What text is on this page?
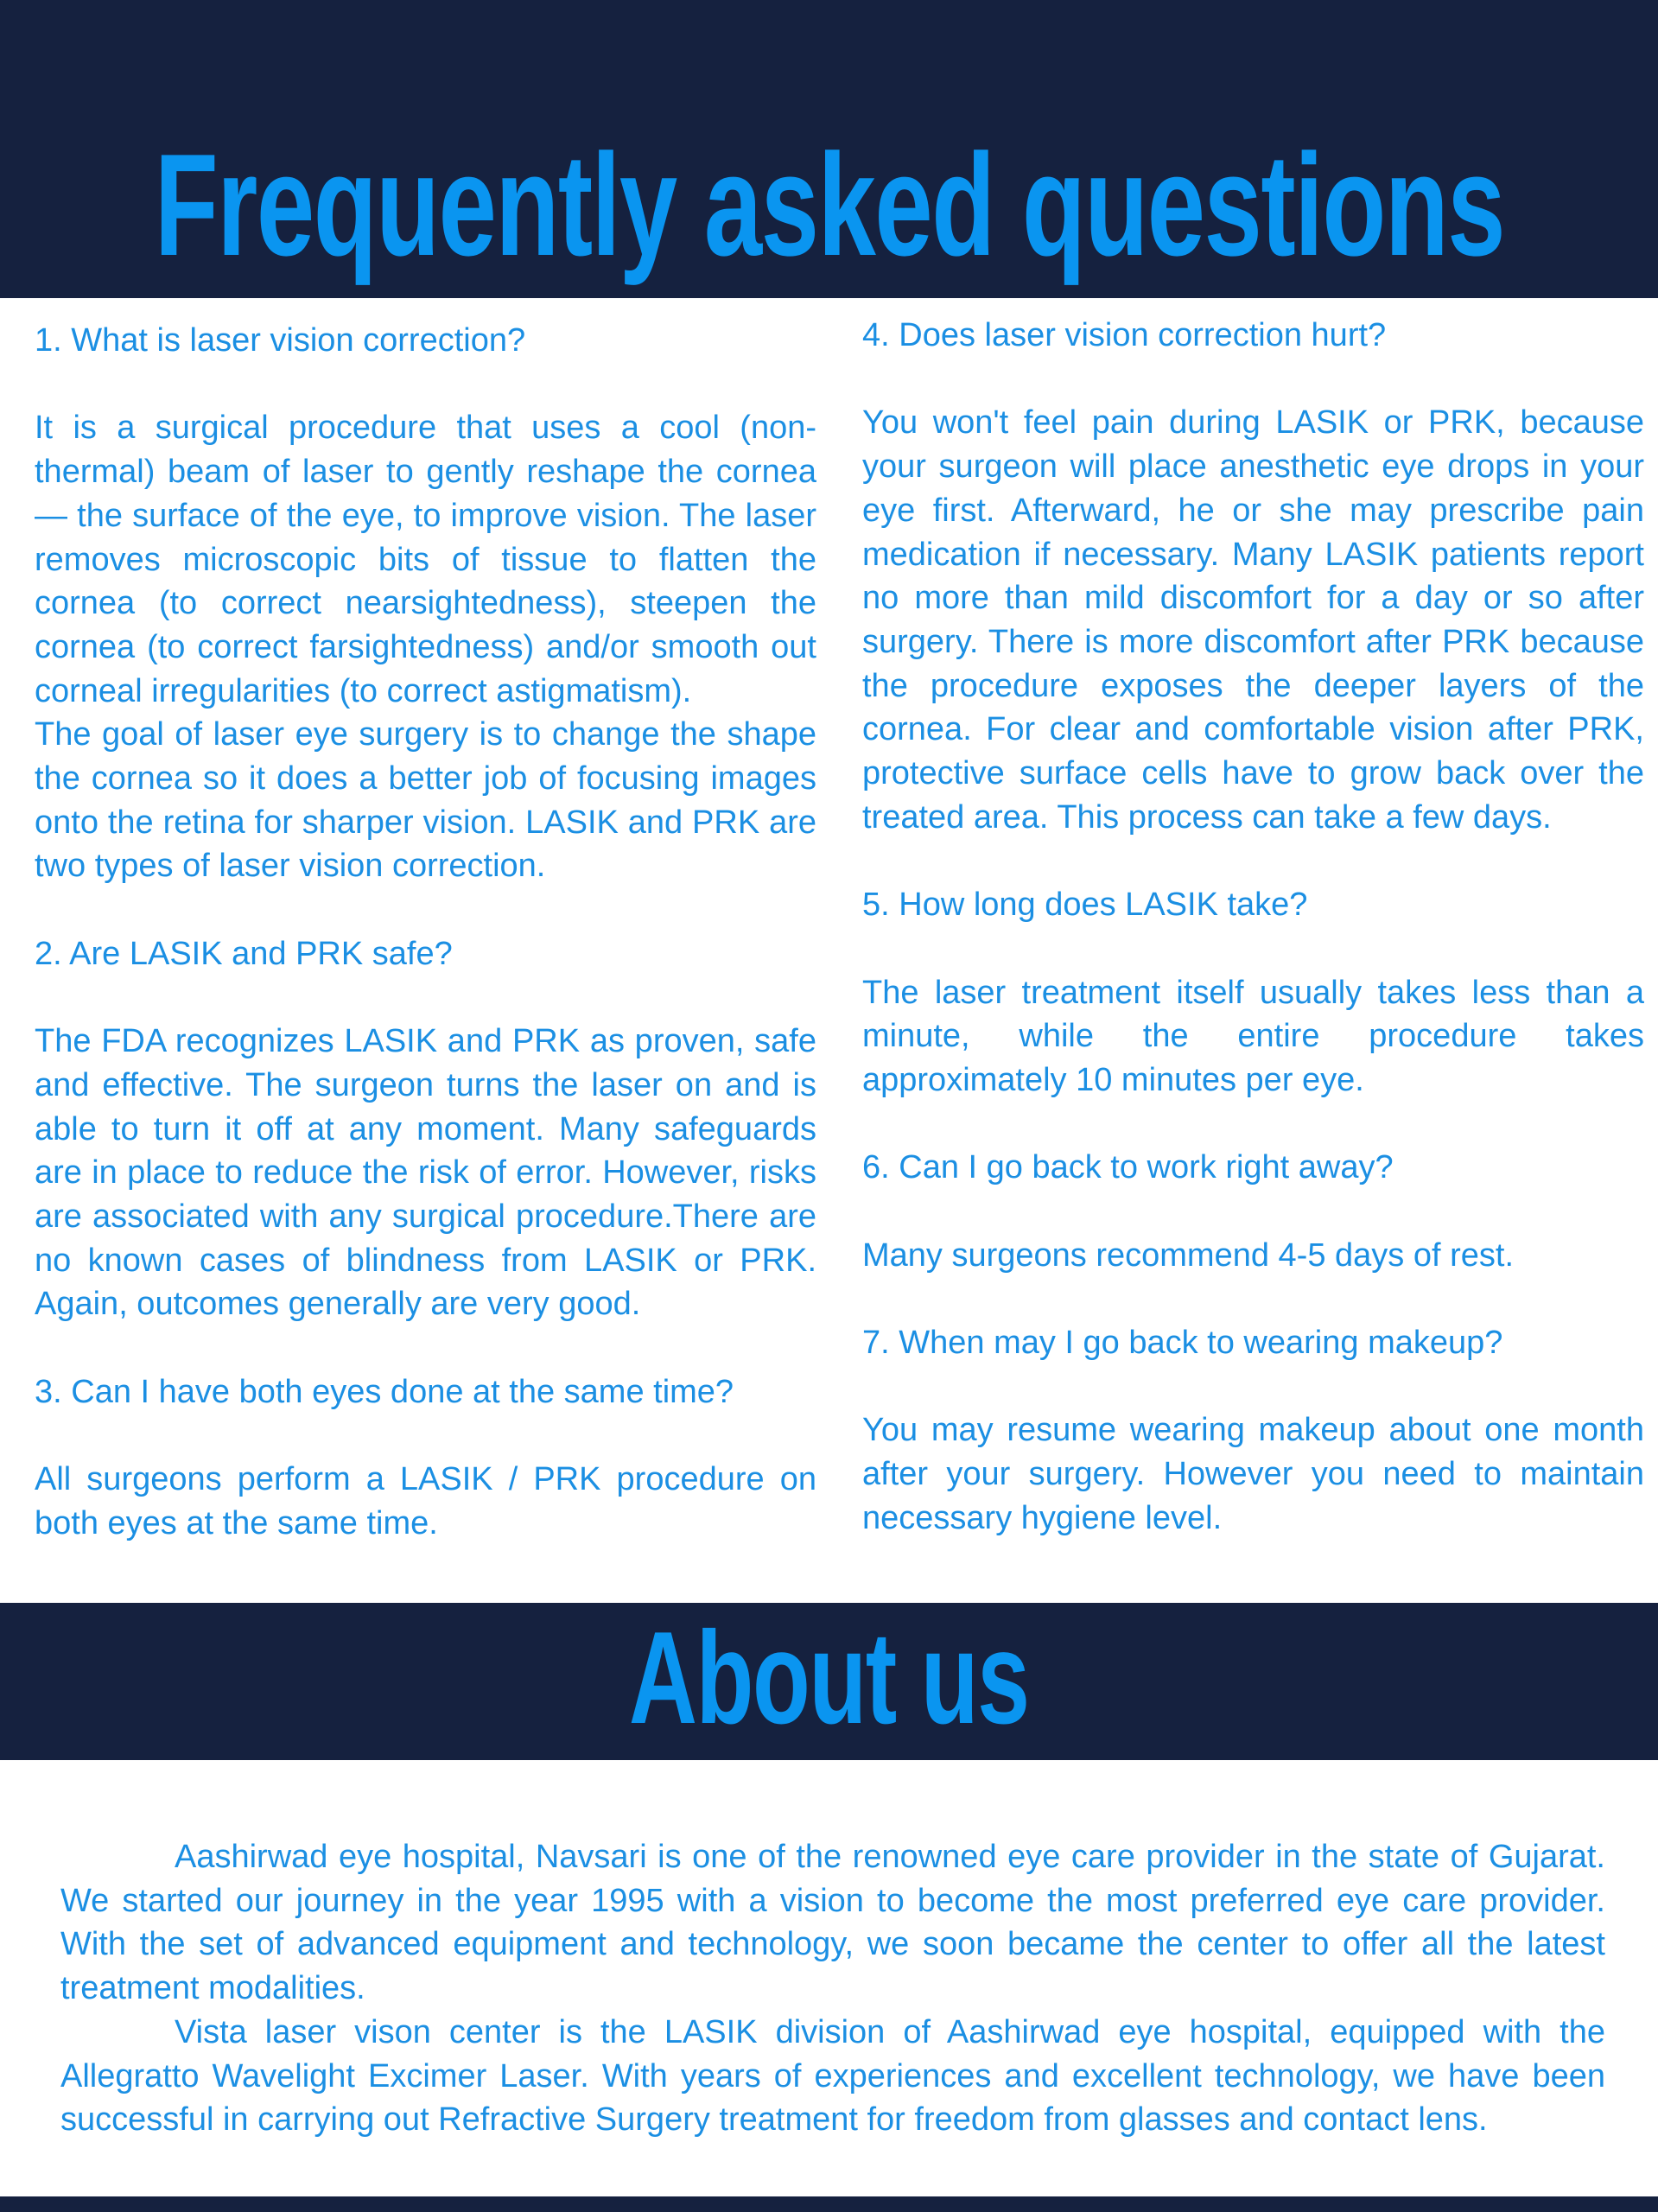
Frequently asked questions

1. What is laser vision correction?

It is a surgical procedure that uses a cool (non-thermal) beam of laser to gently reshape the cornea — the surface of the eye, to improve vision. The laser removes microscopic bits of tissue to flatten the cornea (to correct nearsightedness), steepen the cornea (to correct farsightedness) and/or smooth out corneal irregularities (to correct astigmatism).

The goal of laser eye surgery is to change the shape the cornea so it does a better job of focusing images onto the retina for sharper vision. LASIK and PRK are two types of laser vision correction.

2. Are LASIK and PRK safe?

The FDA recognizes LASIK and PRK as proven, safe and effective. The surgeon turns the laser on and is able to turn it off at any moment. Many safeguards are in place to reduce the risk of error. However, risks are associated with any surgical procedure.There are no known cases of blindness from LASIK or PRK. Again, outcomes generally are very good.

3. Can I have both eyes done at the same time?

All surgeons perform a LASIK / PRK procedure on both eyes at the same time.

4. Does laser vision correction hurt?

You won't feel pain during LASIK or PRK, because your surgeon will place anesthetic eye drops in your eye first. Afterward, he or she may prescribe pain medication if necessary. Many LASIK patients report no more than mild discomfort for a day or so after surgery. There is more discomfort after PRK because the procedure exposes the deeper layers of the cornea. For clear and comfortable vision after PRK, protective surface cells have to grow back over the treated area. This process can take a few days.

5. How long does LASIK take?

The laser treatment itself usually takes less than a minute, while the entire procedure takes approximately 10 minutes per eye.

6. Can I go back to work right away?

Many surgeons recommend 4-5 days of rest.

7. When may I go back to wearing makeup?

You may resume wearing makeup about one month after your surgery. However you need to maintain necessary hygiene level.

About us

Aashirwad eye hospital, Navsari is one of the renowned eye care provider in the state of Gujarat. We started our journey in the year 1995 with a vision to become the most preferred eye care provider. With the set of advanced equipment and technology, we soon became the center to offer all the latest treatment modalities.

Vista laser vison center is the LASIK division of Aashirwad eye hospital, equipped with the Allegratto Wavelight Excimer Laser. With years of experiences and excellent technology, we have been successful in carrying out Refractive Surgery treatment for freedom from glasses and contact lens.
